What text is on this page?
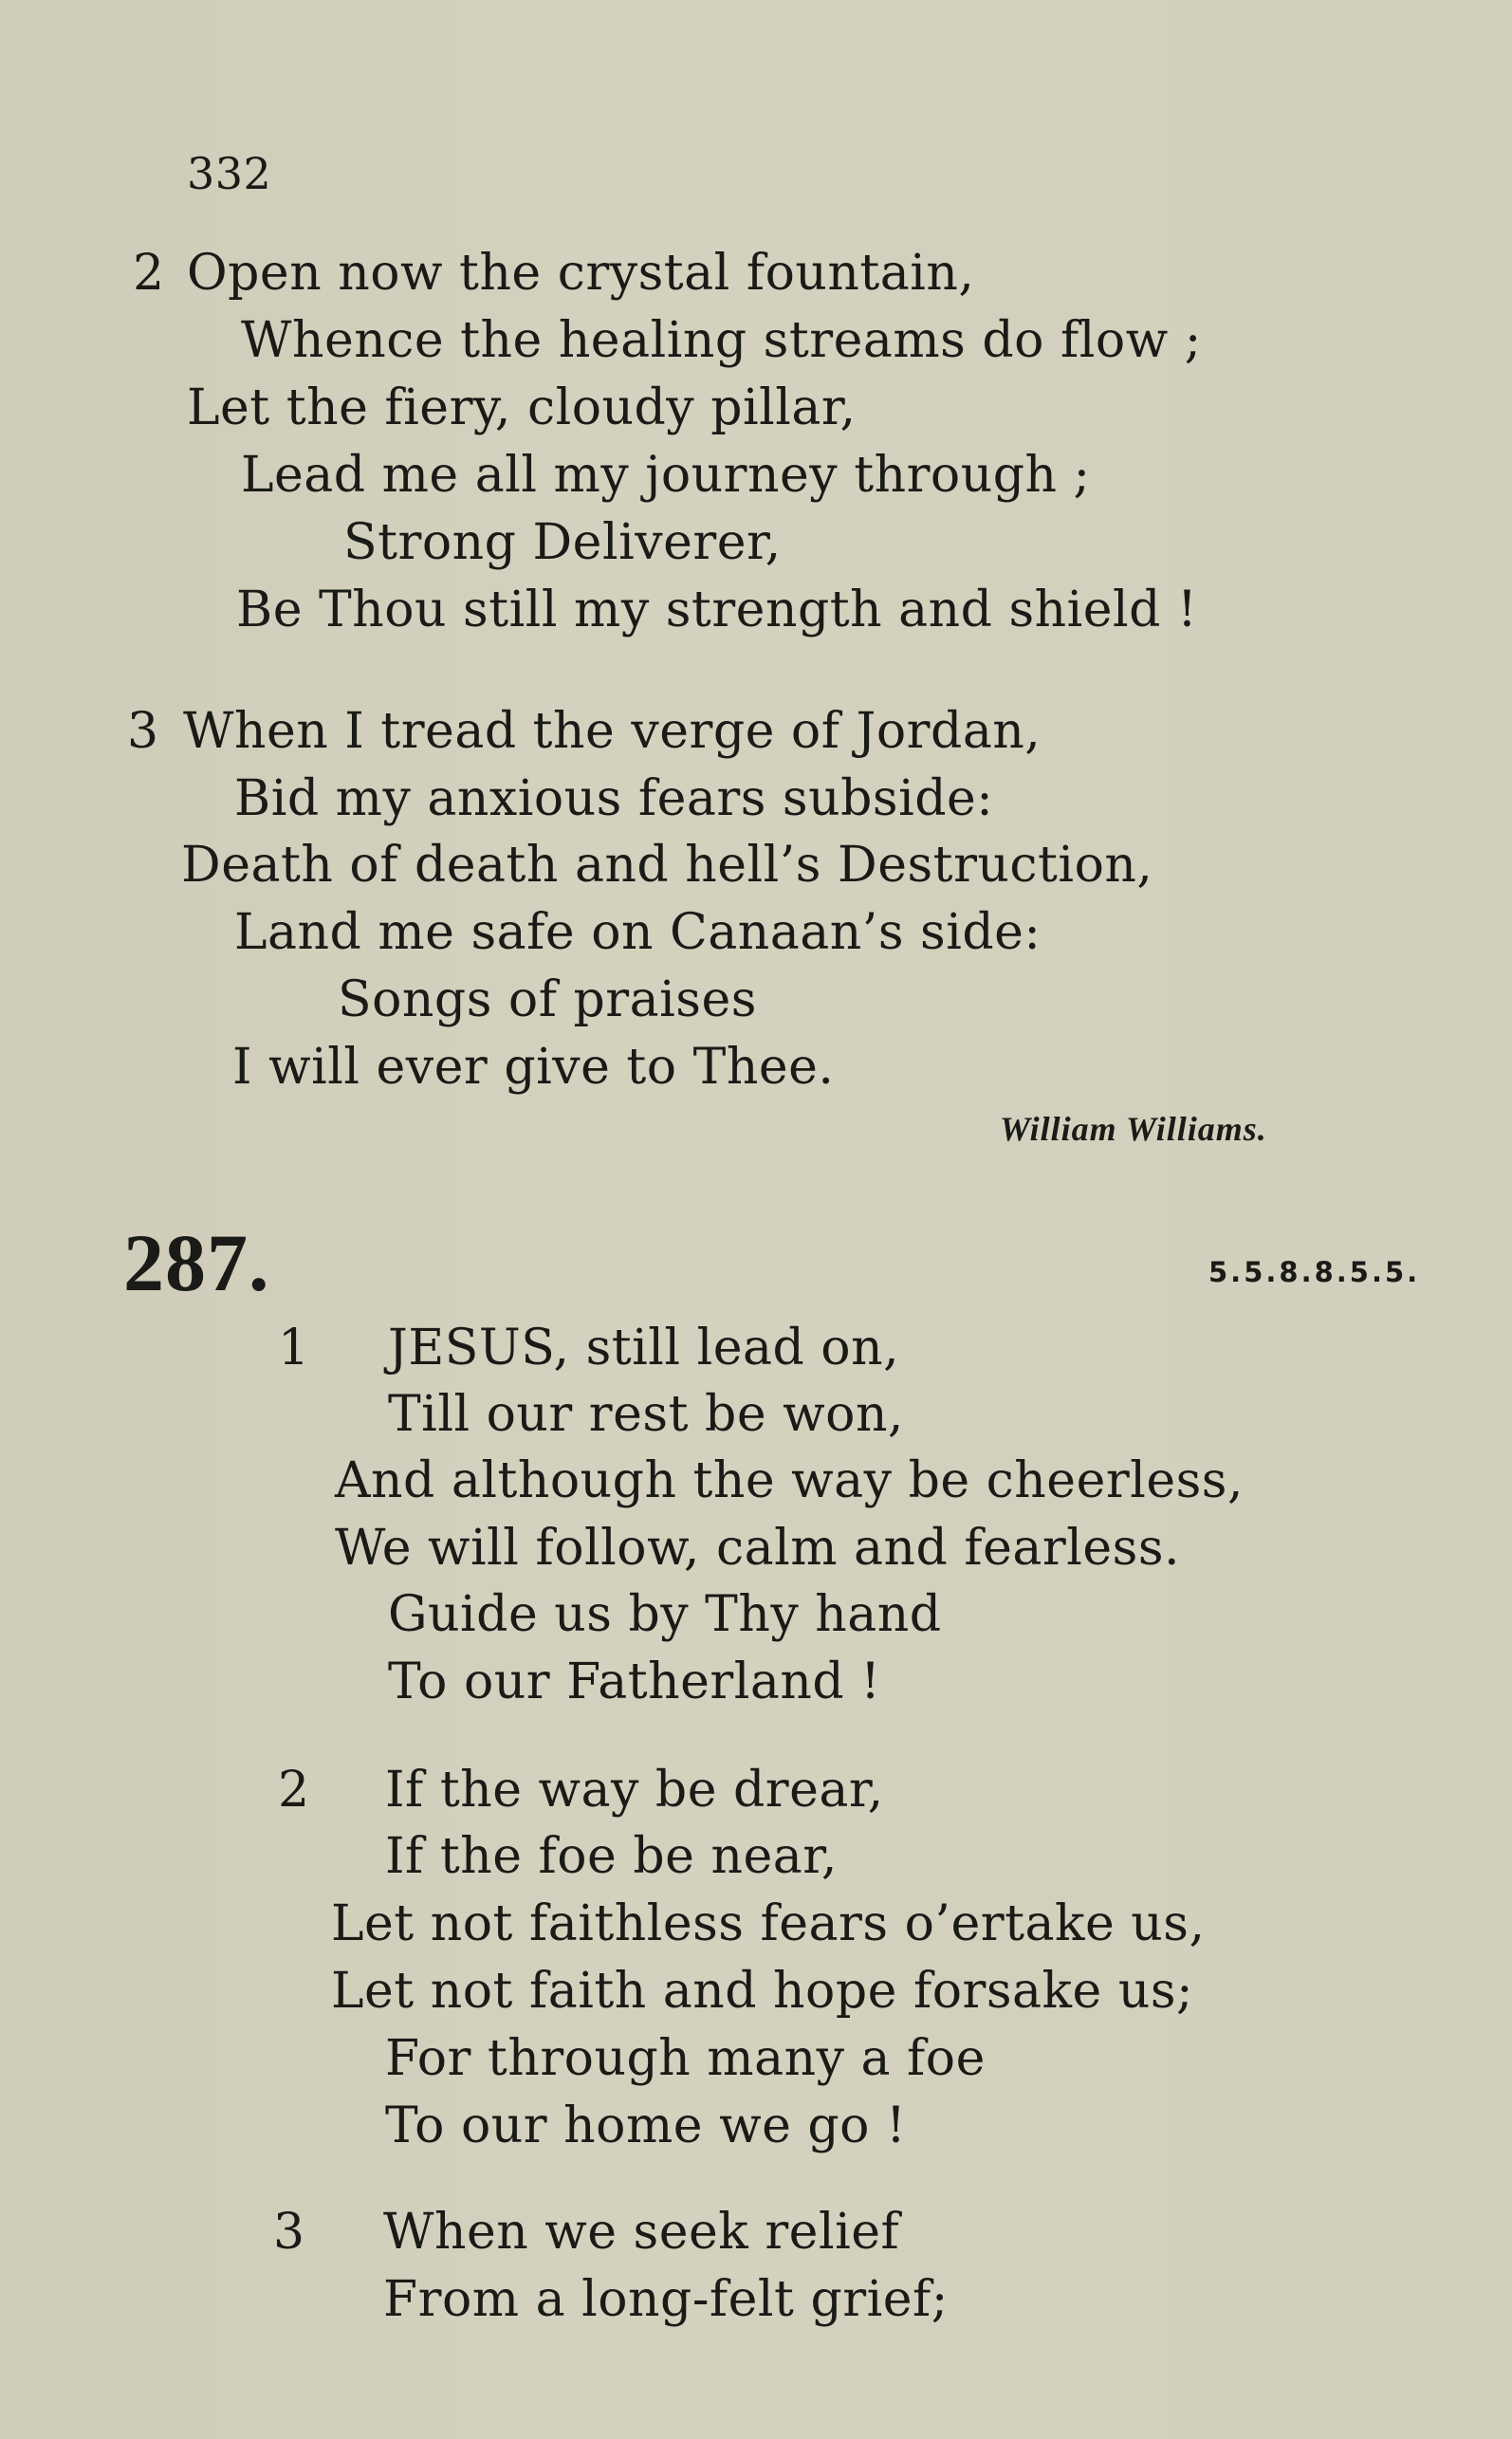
332
2 Open now the crystal fountain,
Whence the healing streams do flow ;
Let the fiery, cloudy pillar,
Lead me all my journey through ;
Strong Deliverer,
Be Thou still my strength and shield !
3 When I tread the verge of Jordan,
Bid my anxious fears subside:
Death of death and hell’s Destruction,
Land me safe on Canaan’s side:
Songs of praises
I will ever give to Thee.
William Williams.
287.	5.5.8.8.5.5.
1 JESUS, still lead on,
Till our rest be won,
And although the way be cheerless,
We will follow, calm and fearless.
Guide us by Thy hand
To our Fatherland !
2 If the way be drear,
If the foe be near,
Let not faithless fears o’ertake us,
Let not faith and hope forsake us;
For through many a foe
To our home we go !
3 When we seek relief
From a long-felt grief;
